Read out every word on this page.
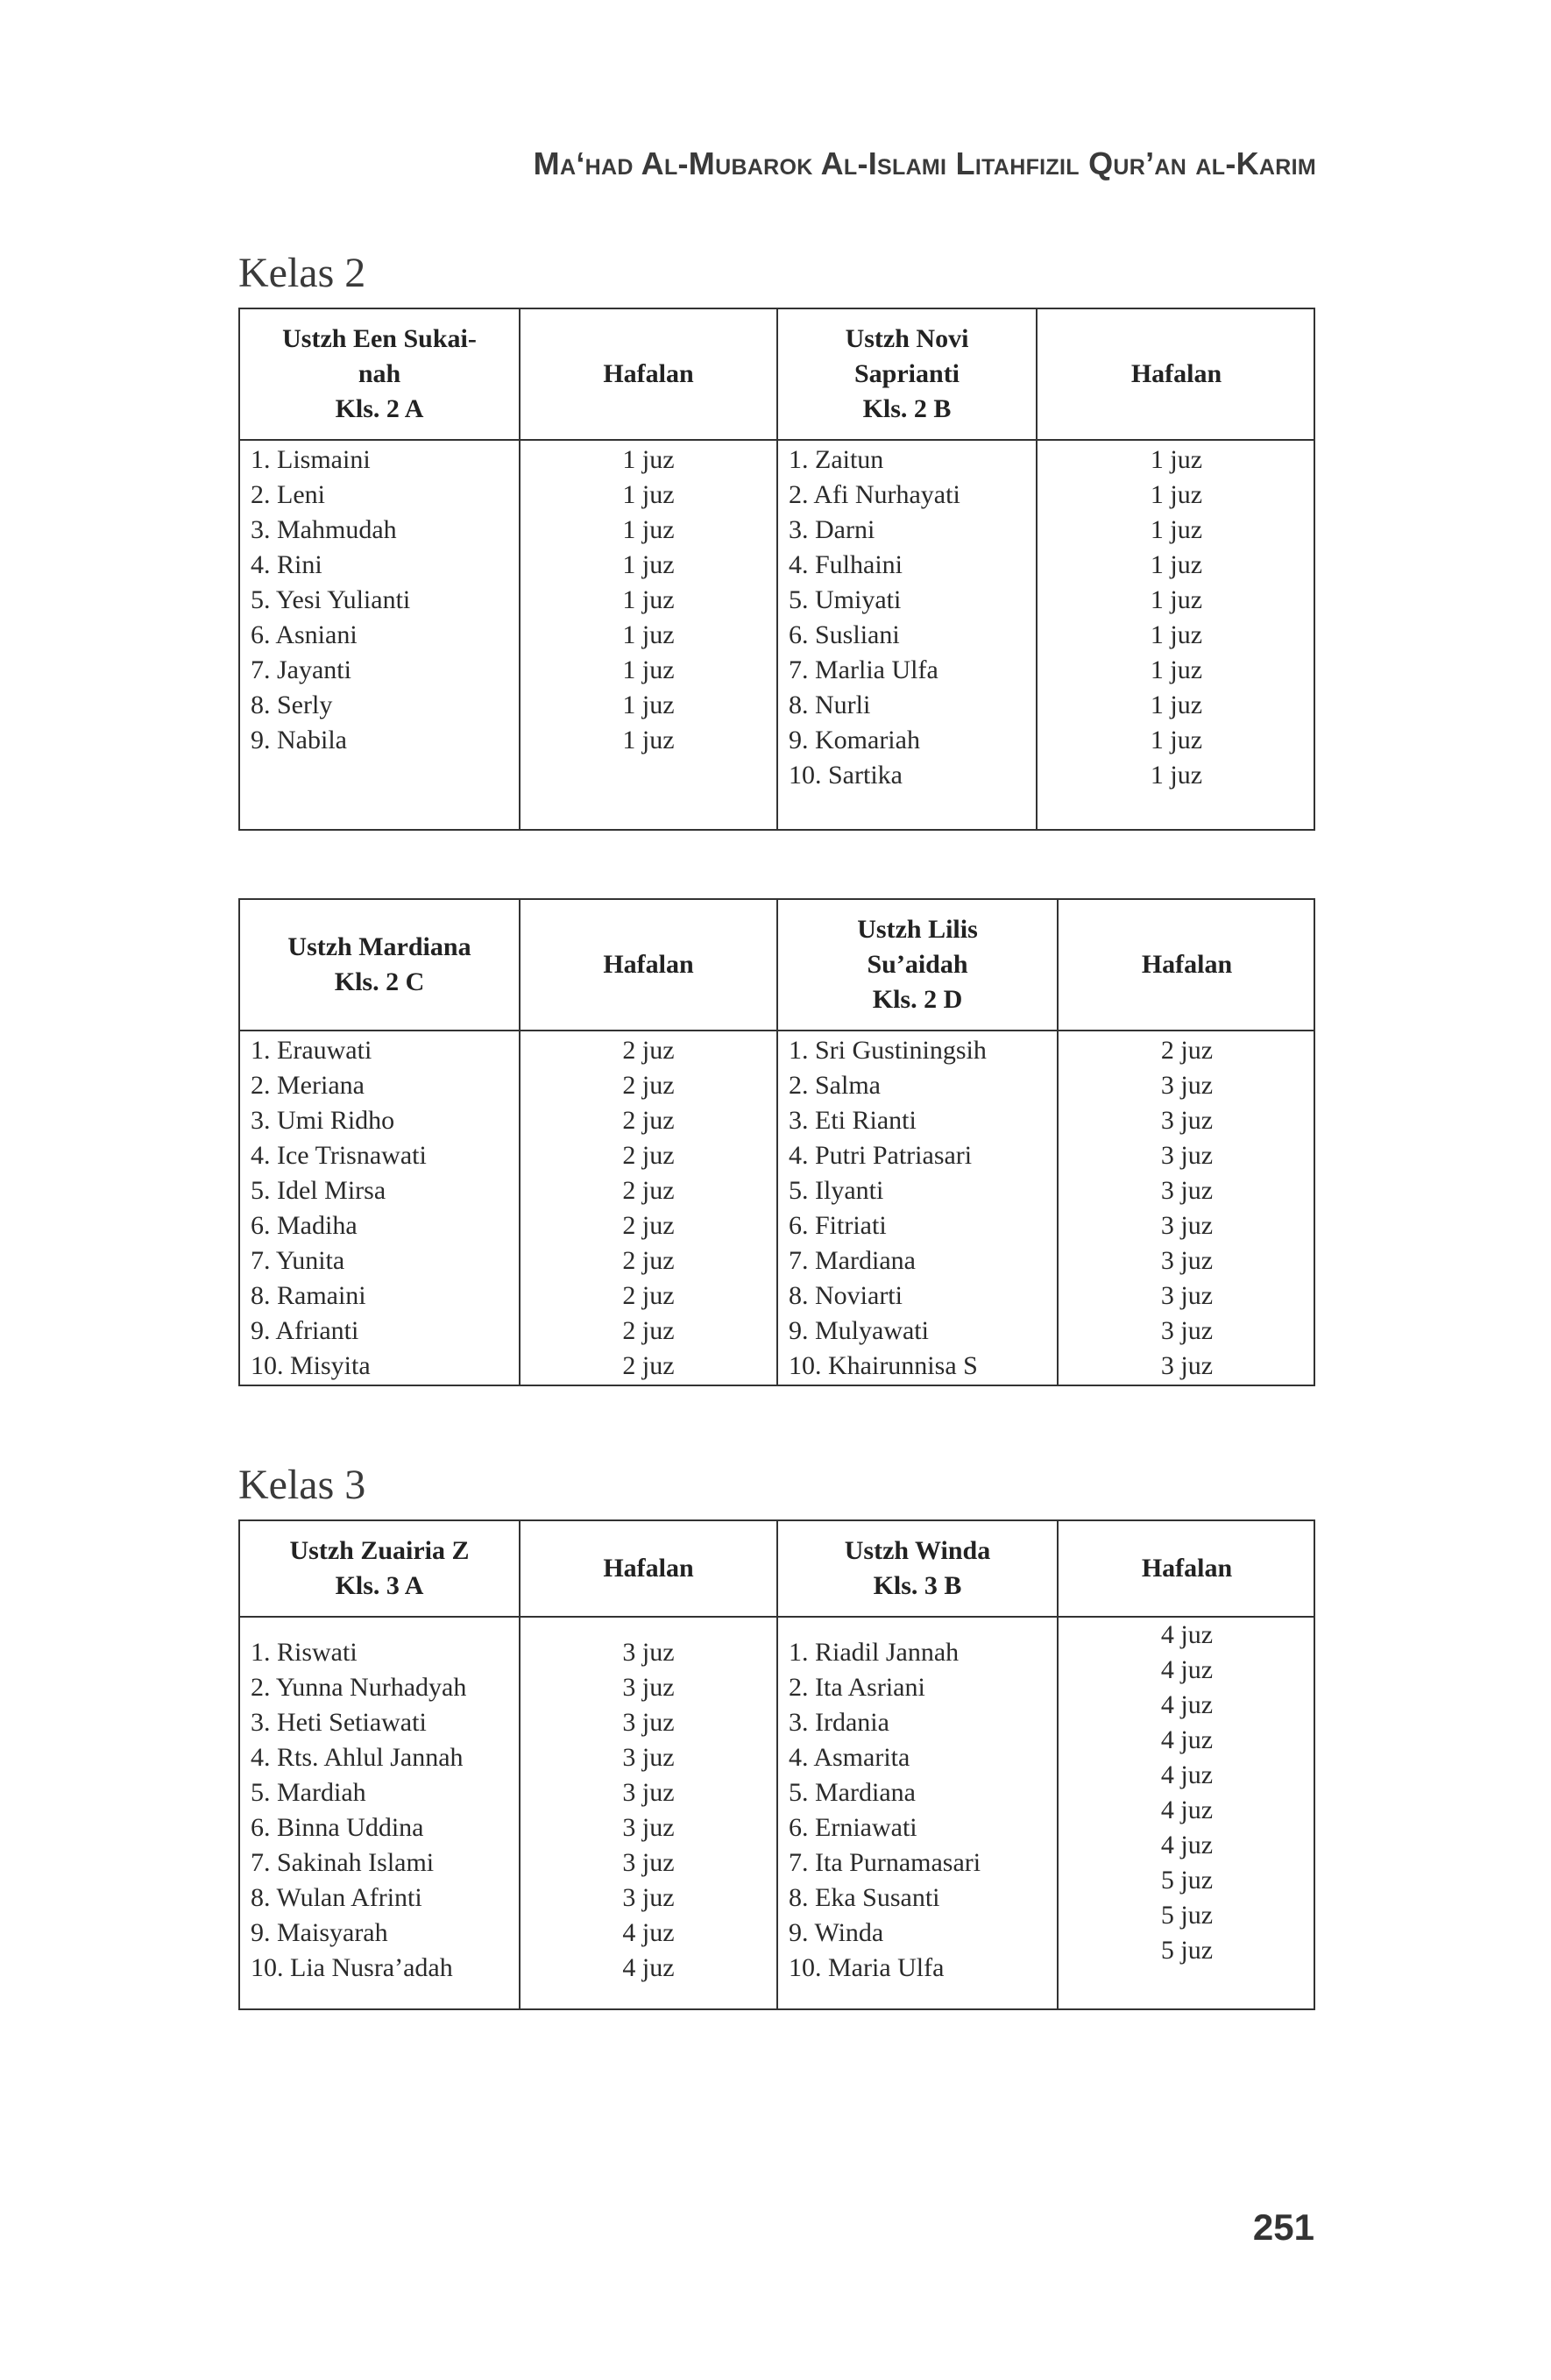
Ma‘had Al-Mubarok Al-Islami Litahfizil Qur’an al-Karim
Kelas 2
Ustzh Een Sukai-
nah
Kls. 2 A
Hafalan
Ustzh Novi
Saprianti
Kls. 2 B
Hafalan
1. Lismaini
2. Leni
3. Mahmudah
4. Rini
5. Yesi Yulianti
6. Asniani
7. Jayanti
8. Serly
9. Nabila
1 juz
1 juz
1 juz
1 juz
1 juz
1 juz
1 juz
1 juz
1 juz
1. Zaitun
2. Afi Nurhayati
3. Darni
4. Fulhaini
5. Umiyati
6. Susliani
7. Marlia Ulfa
8. Nurli
9. Komariah
10. Sartika
1 juz
1 juz
1 juz
1 juz
1 juz
1 juz
1 juz
1 juz
1 juz
1 juz
Ustzh Mardiana
Kls. 2 C
Hafalan
Ustzh Lilis
Su’aidah
Kls. 2 D
Hafalan
1. Erauwati
2. Meriana
3. Umi Ridho
4. Ice Trisnawati
5. Idel Mirsa
6. Madiha
7. Yunita
8. Ramaini
9. Afrianti
10. Misyita
2 juz
2 juz
2 juz
2 juz
2 juz
2 juz
2 juz
2 juz
2 juz
2 juz
1. Sri Gustiningsih
2. Salma
3. Eti Rianti
4. Putri Patriasari
5. Ilyanti
6. Fitriati
7. Mardiana
8. Noviarti
9. Mulyawati
10. Khairunnisa S
2 juz
3 juz
3 juz
3 juz
3 juz
3 juz
3 juz
3 juz
3 juz
3 juz
Kelas 3
Ustzh Zuairia Z
Kls. 3 A
Hafalan
Ustzh Winda
Kls. 3 B
Hafalan
1. Riswati
2. Yunna Nurhadyah
3. Heti Setiawati
4. Rts. Ahlul Jannah
5. Mardiah
6. Binna Uddina
7. Sakinah Islami
8. Wulan Afrinti
9. Maisyarah
10. Lia Nusra’adah
3 juz
3 juz
3 juz
3 juz
3 juz
3 juz
3 juz
3 juz
4 juz
4 juz
1. Riadil Jannah
2. Ita Asriani
3. Irdania
4. Asmarita
5. Mardiana
6. Erniawati
7. Ita Purnamasari
8. Eka Susanti
9. Winda
10. Maria Ulfa
4 juz
4 juz
4 juz
4 juz
4 juz
4 juz
4 juz
5 juz
5 juz
5 juz
251
